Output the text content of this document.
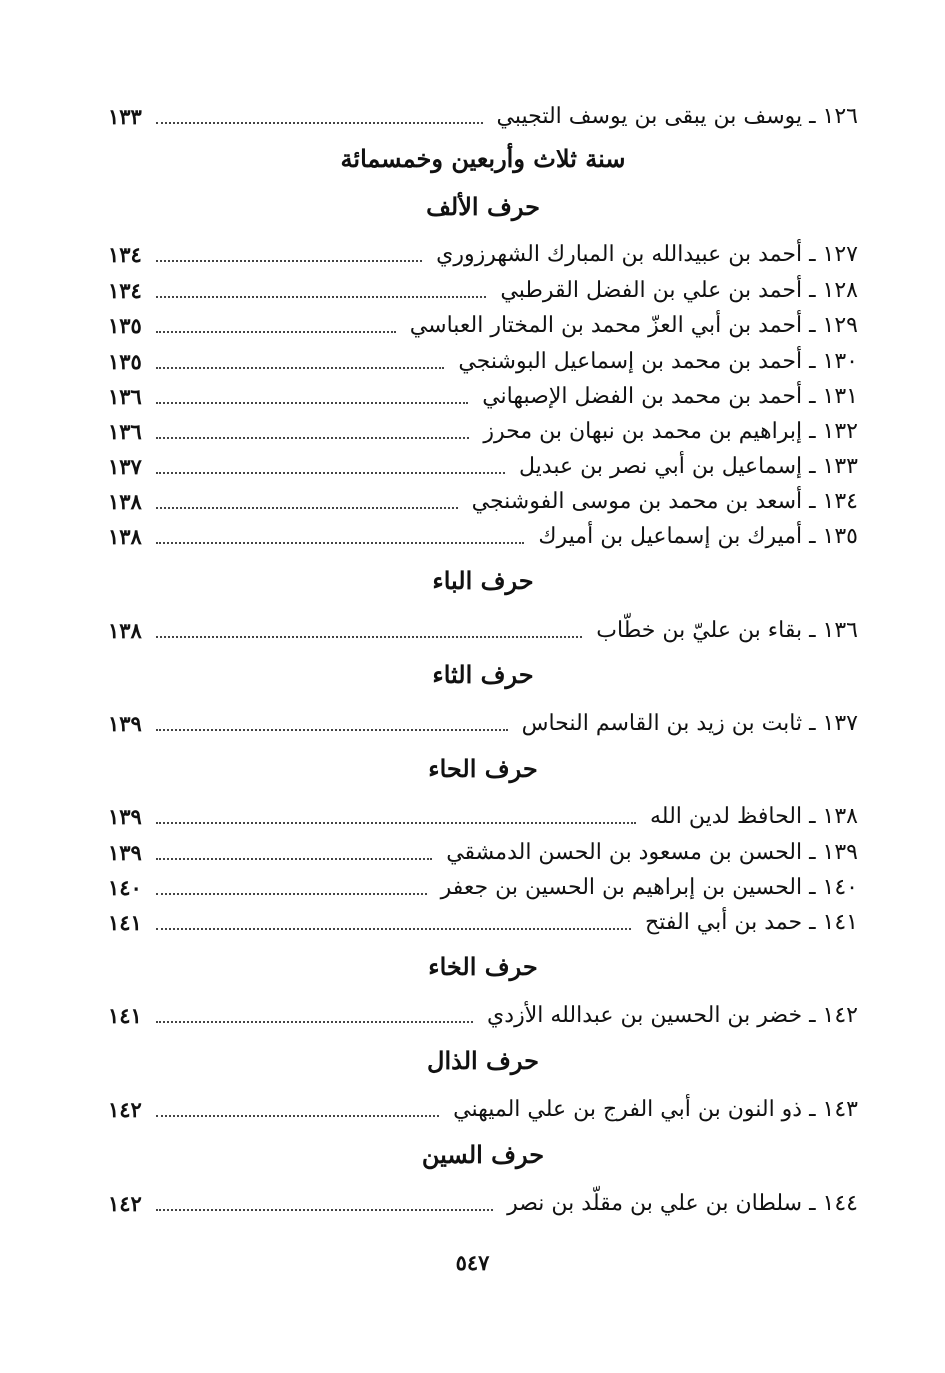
١٢٦ ـ يوسف بن يبقى بن يوسف التجيبي
١٣٣
سنة ثلاث وأربعين وخمسمائة
حرف الألف
١٢٧ ـ أحمد بن عبيدالله بن المبارك الشهرزوري
١٣٤
١٢٨ ـ أحمد بن علي بن الفضل القرطبي
١٣٤
١٢٩ ـ أحمد بن أبي العزّ محمد بن المختار العباسي
١٣٥
١٣٠ ـ أحمد بن محمد بن إسماعيل البوشنجي
١٣٥
١٣١ ـ أحمد بن محمد بن الفضل الإصبهاني
١٣٦
١٣٢ ـ إبراهيم بن محمد بن نبهان بن محرز
١٣٦
١٣٣ ـ إسماعيل بن أبي نصر بن عبديل
١٣٧
١٣٤ ـ أسعد بن محمد بن موسى الفوشنجي
١٣٨
١٣٥ ـ أميرك بن إسماعيل بن أميرك
١٣٨
حرف الباء
١٣٦ ـ بقاء بن عليّ بن خطّاب
١٣٨
حرف الثاء
١٣٧ ـ ثابت بن زيد بن القاسم النحاس
١٣٩
حرف الحاء
١٣٨ ـ الحافظ لدين الله
١٣٩
١٣٩ ـ الحسن بن مسعود بن الحسن الدمشقي
١٣٩
١٤٠ ـ الحسين بن إبراهيم بن الحسين بن جعفر
١٤٠
١٤١ ـ حمد بن أبي الفتح
١٤١
حرف الخاء
١٤٢ ـ خضر بن الحسين بن عبدالله الأزدي
١٤١
حرف الذال
١٤٣ ـ ذو النون بن أبي الفرج بن علي الميهني
١٤٢
حرف السين
١٤٤ ـ سلطان بن علي بن مقلّد بن نصر
١٤٢
٥٤٧
